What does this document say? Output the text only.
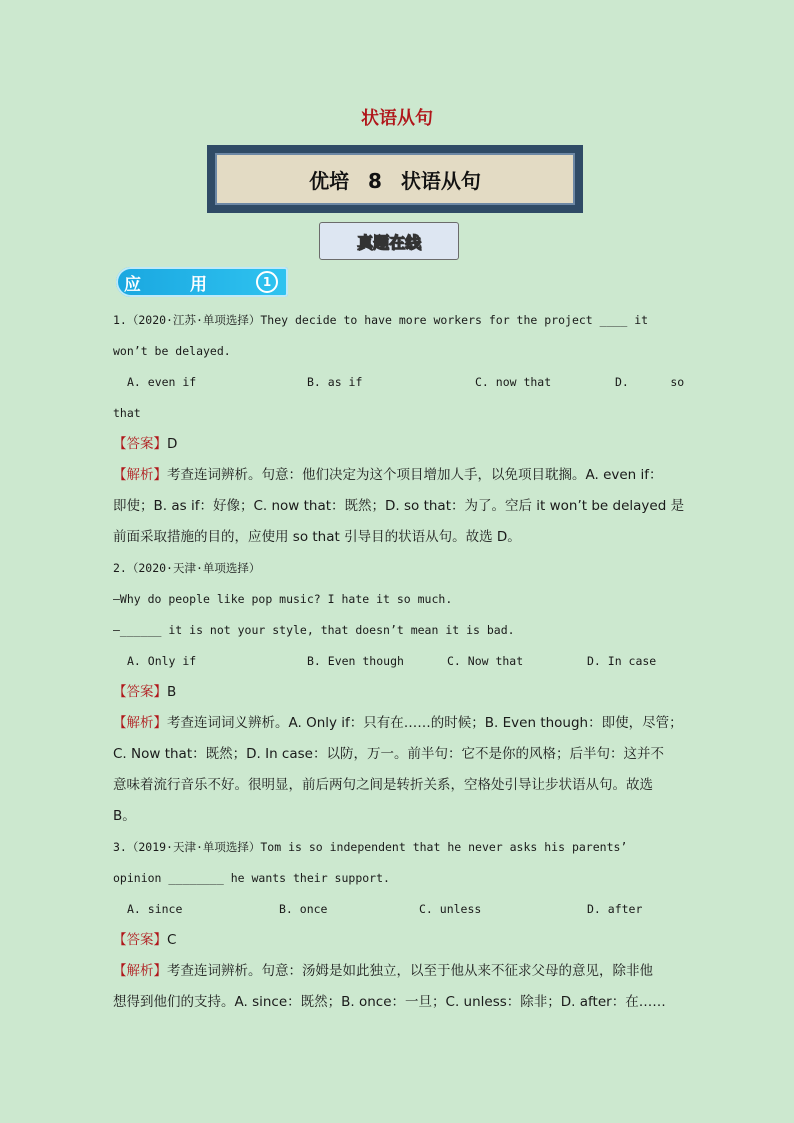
状语从句
优培 8 状语从句
真题在线
应	用	1
1.（2020·江苏·单项选择）They decide to have more workers for the project ____ it
won’t be delayed.
A. even if	B. as if	C. now that	D.      so
that
【答案】D
【解析】考查连词辨析。句意：他们决定为这个项目增加人手，以免项目耽搁。A. even if：
即使；B. as if：好像；C. now that：既然；D. so that：为了。空后 it won’t be delayed 是
前面采取措施的目的，应使用 so that 引导目的状语从句。故选 D。
2.（2020·天津·单项选择）
—Why do people like pop music? I hate it so much.
—______ it is not your style, that doesn’t mean it is bad.
A. Only if	B. Even though	C. Now that	D. In case
【答案】B
【解析】考查连词词义辨析。A. Only if：只有在……的时候；B. Even though：即使，尽管；
C. Now that：既然；D. In case：以防，万一。前半句：它不是你的风格；后半句：这并不
意味着流行音乐不好。很明显，前后两句之间是转折关系，空格处引导让步状语从句。故选
B。
3.（2019·天津·单项选择）Tom is so independent that he never asks his parents’
opinion ________ he wants their support.
A. since	B. once	C. unless	D. after
【答案】C
【解析】考查连词辨析。句意：汤姆是如此独立，以至于他从来不征求父母的意见，除非他
想得到他们的支持。A. since：既然；B. once：一旦；C. unless：除非；D. after：在……
